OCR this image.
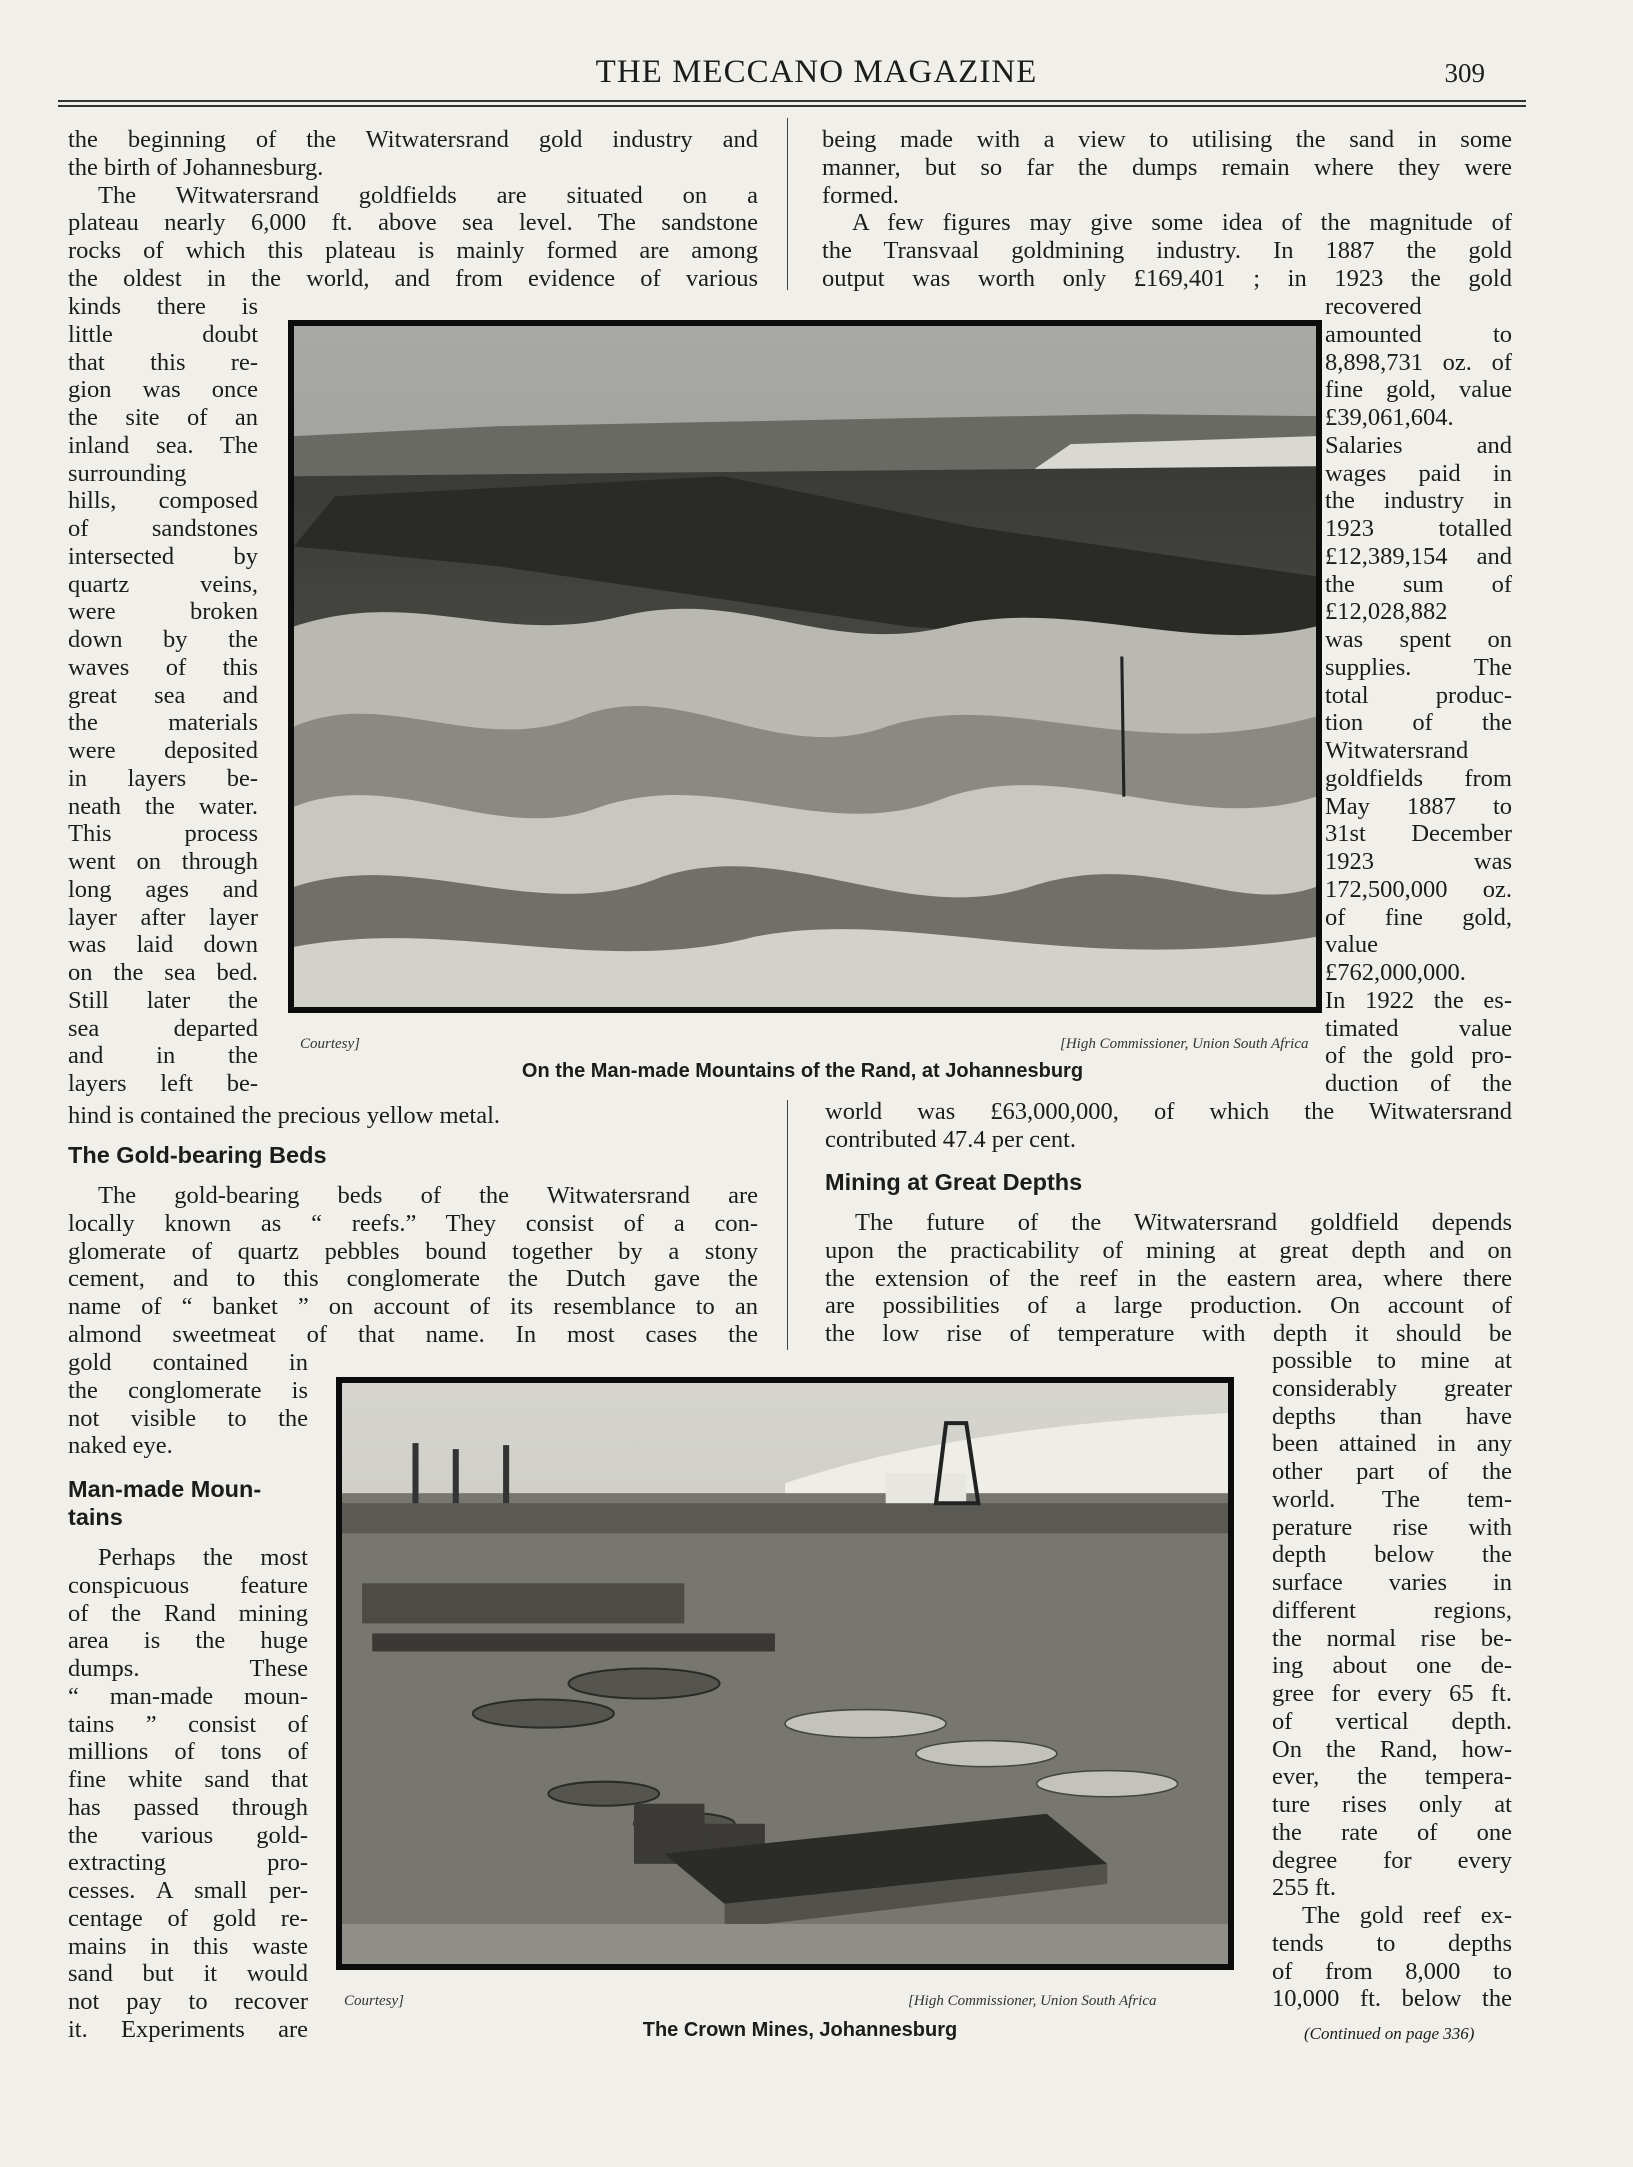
THE MECCANO MAGAZINE	309

the beginning of the Witwatersrand gold industry and

the birth of Johannesburg.

The Witwatersrand goldfields are situated on a

plateau nearly 6,000 ft. above sea level. The sandstone

rocks of which this plateau is mainly formed are among

the oldest in the world, and from evidence of various

kinds there is

little doubt

that this re-

gion was once

the site of an

inland sea. The

surrounding

hills, composed

of sandstones

intersected by

quartz veins,

were broken

down by the

waves of this

great sea and

the materials

were deposited

in layers be-

neath the water.

This process

went on through

long ages and

layer after layer

was laid down

on the sea bed.

Still later the

sea departed

and in the

layers left be-

hind is contained the precious yellow metal.

The Gold-bearing Beds

The gold-bearing beds of the Witwatersrand are

locally known as “ reefs.” They consist of a con-

glomerate of quartz pebbles bound together by a stony

cement, and to this conglomerate the Dutch gave the

name of “ banket ” on account of its resemblance to an

almond sweetmeat of that name. In most cases the

gold contained in

the conglomerate is

not visible to the

naked eye.

Man-made Moun-
tains

Perhaps the most

conspicuous feature

of the Rand mining

area is the huge

dumps. These

“ man-made moun-

tains ” consist of

millions of tons of

fine white sand that

has passed through

the various gold-

extracting pro-

cesses. A small per-

centage of gold re-

mains in this waste

sand but it would

not pay to recover

it. Experiments are

being made with a view to utilising the sand in some

manner, but so far the dumps remain where they were

formed.

A few figures may give some idea of the magnitude of

the Transvaal goldmining industry. In 1887 the gold

output was worth only £169,401 ; in 1923 the gold

recovered

amounted to

8,898,731 oz. of

fine gold, value

£39,061,604.

Salaries and

wages paid in

the industry in

1923 totalled

£12,389,154 and

the sum of

£12,028,882

was spent on

supplies. The

total produc-

tion of the

Witwatersrand

goldfields from

May 1887 to

31st December

1923 was

172,500,000 oz.

of fine gold,

value

£762,000,000.

In 1922 the es-

timated value

of the gold pro-

duction of the

world was £63,000,000, of which the Witwatersrand

contributed 47.4 per cent.

Mining at Great Depths

The future of the Witwatersrand goldfield depends

upon the practicability of mining at great depth and on

the extension of the reef in the eastern area, where there

are possibilities of a large production. On account of

the low rise of temperature with depth it should be

possible to mine at

considerably greater

depths than have

been attained in any

other part of the

world. The tem-

perature rise with

depth below the

surface varies in

different regions,

the normal rise be-

ing about one de-

gree for every 65 ft.

of vertical depth.

On the Rand, how-

ever, the tempera-

ture rises only at

the rate of one

degree for every

255 ft.

The gold reef ex-

tends to depths

of from 8,000 to

10,000 ft. below the

Courtesy]	[High Commissioner, Union South Africa
On the Man-made Mountains of the Rand, at Johannesburg
Courtesy]	[High Commissioner, Union South Africa
The Crown Mines, Johannesburg	(Continued on page 336)
